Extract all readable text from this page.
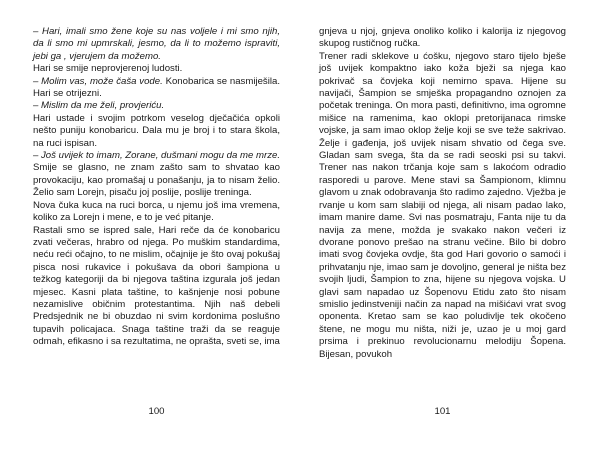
– Hari, imali smo žene koje su nas voljele i mi smo njih, da li smo mi upmrskali, jesmo, da li to možemo ispraviti, jebi ga , vjerujem da možemo.

Hari se smije neprovjerenoj ludosti.

– Molim vas, može čaša vode. Konobarica se nasmiješila. Hari se otrijezni.

– Mislim da me želi, provjeriću.

Hari ustade i svojim potrkom veselog dječačića opkoli nešto puniju konobaricu. Dala mu je broj i to stara škola, na ruci ispisan.

– Još uvijek to imam, Zorane, dušmani mogu da me mrze. Smije se glasno, ne znam zašto sam to shvatao kao provokaciju, kao promašaj u ponašanju, ja to nisam želio. Želio sam Lorejn, pisaču joj poslije, poslije treninga.

Nova čuka kuca na ruci borca, u njemu još ima vremena, koliko za Lorejn i mene, e to je već pitanje.

Rastali smo se ispred sale, Hari reče da će konobaricu zvati večeras, hrabro od njega. Po muškim standardima, neću reći očajno, to ne mislim, očajnije je što ovaj pokušaj pisca nosi rukavice i pokušava da obori šampiona u težkog kategoriji da bi njegova taština izgurala još jedan mjesec. Kasni plata taštine, to kašnjenje nosi pobune nezamislive običnim protestantima. Njih naš debeli Predsjednik ne bi obuzdao ni svim kordonima poslušno tupavih policajaca. Snaga taštine traži da se reaguje odmah, efikasno i sa rezultatima, ne oprašta, sveti se, ima

100

gnjeva u njoj, gnjeva onoliko koliko i kalorija iz njegovog skupog rustičnog ručka.

Trener radi sklekove u ćošku, njegovo staro tijelo bješe još uvijek kompaktno iako koža bježi sa njega kao pokrivač sa čovjeka koji nemirno spava. Hijene su navijači, Šampion se smješka propagandno oznojen za početak treninga. On mora pasti, definitivno, ima ogromne mišice na ramenima, kao oklopi pretorijanaca rimske vojske, ja sam imao oklop želje koji se sve teže sakrivao. Želje i gađenja, još uvijek nisam shvatio od čega sve. Gladan sam svega, šta da se radi seoski psi su takvi. Trener nas nakon trčanja koje sam s lakoćom odradio rasporedi u parove. Mene stavi sa Šampionom, klimnu glavom u znak odobravanja što radimo zajedno. Vježba je rvanje u kom sam slabiji od njega, ali nisam padao lako, imam manire dame. Svi nas posmatraju, Fanta nije tu da navija za mene, možda je svakako nakon večeri iz dvorane ponovo prešao na stranu večine. Bilo bi dobro imati svog čovjeka ovdje, šta god Hari govorio o samoći i prihvatanju nje, imao sam je dovoljno, general je ništa bez svojih ljudi, Šampion to zna, hijene su njegova vojska. U glavi sam napadao uz Šopenovu Etidu zato što nisam smislio jedinstveniji način za napad na mišićavi vrat svog oponenta. Kretao sam se kao poludivlje tek okočeno štene, ne mogu mu ništa, niži je, uzao je u moj gard prsima i prekinuo revolucionarnu melodiju Šopena. Bijesan, povukoh

101
